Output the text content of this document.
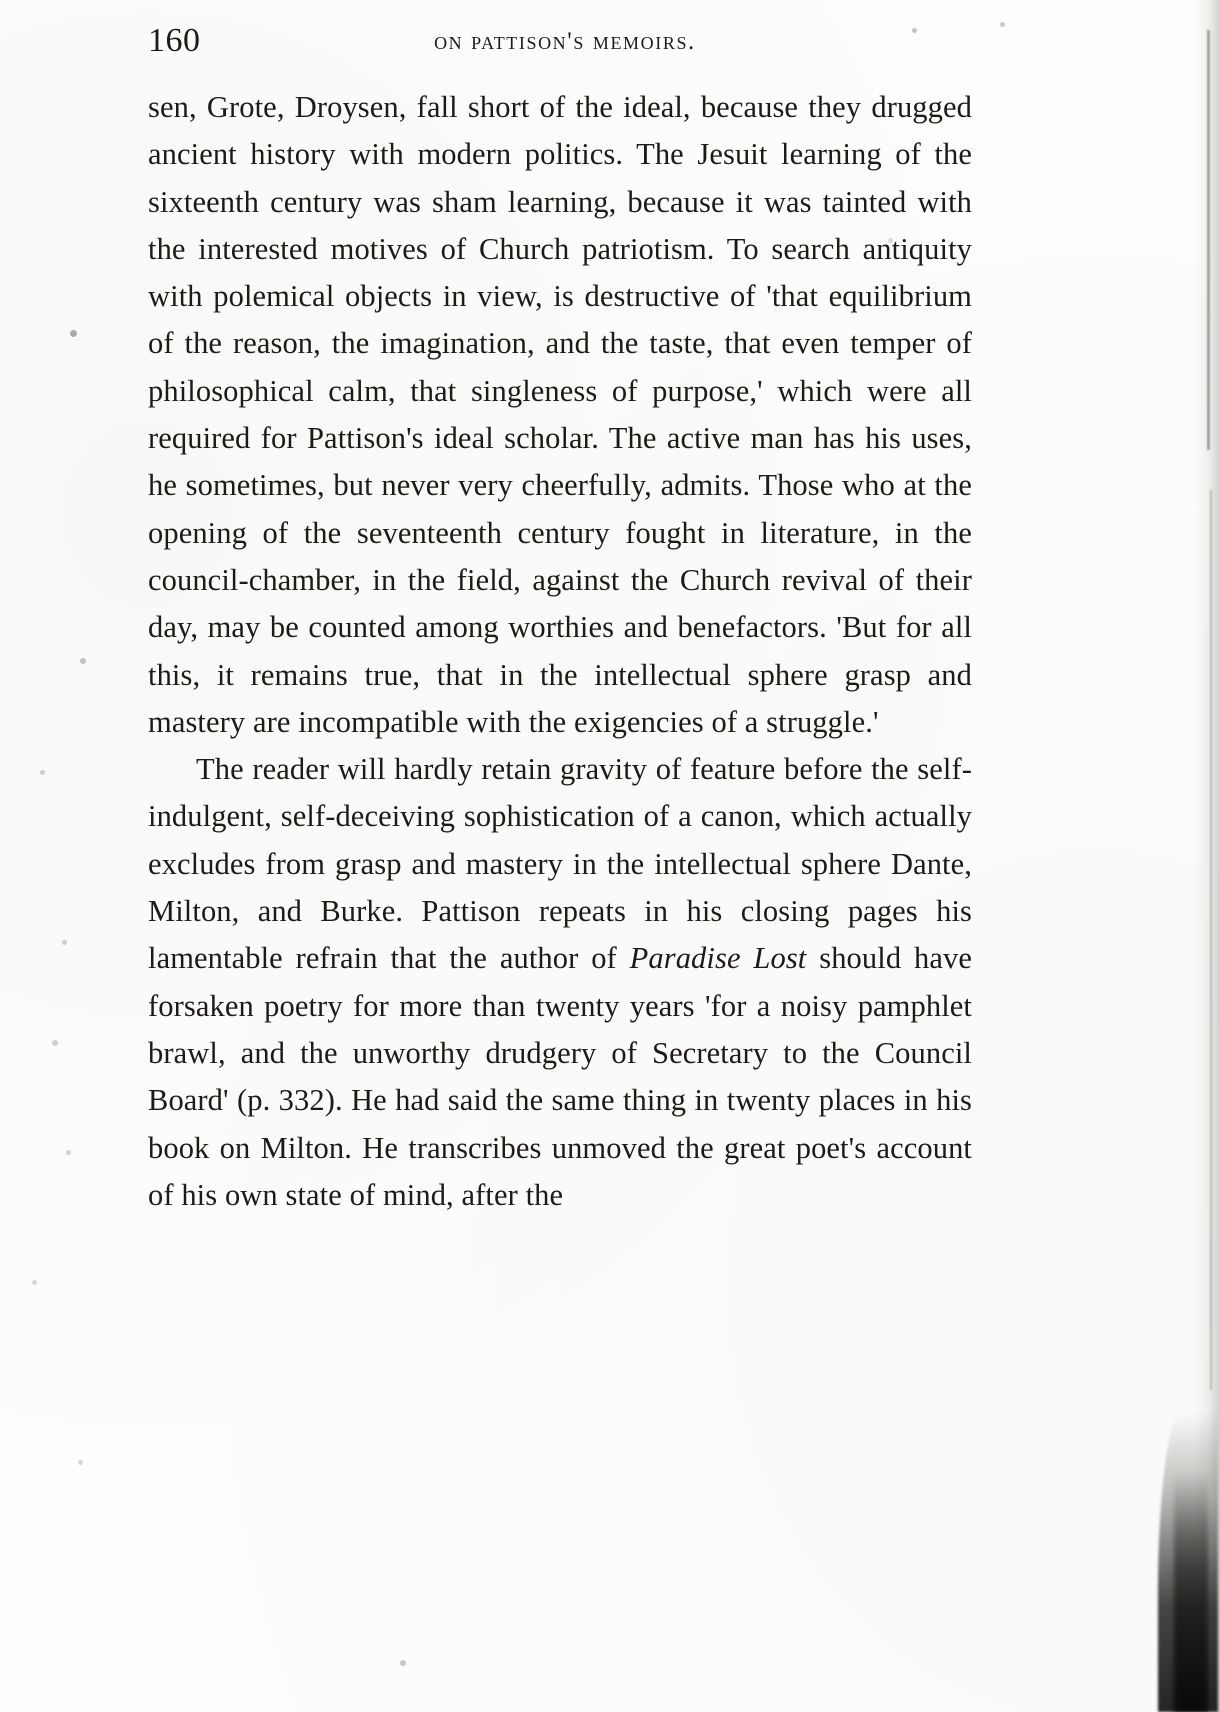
160	on pattison's memoirs.

sen, Grote, Droysen, fall short of the ideal, because they drugged ancient history with modern politics. The Jesuit learning of the sixteenth century was sham learning, because it was tainted with the interested motives of Church patriotism. To search antiquity with polemical objects in view, is destructive of 'that equilibrium of the reason, the imagination, and the taste, that even temper of philosophical calm, that singleness of purpose,' which were all required for Pattison's ideal scholar. The active man has his uses, he sometimes, but never very cheerfully, admits. Those who at the opening of the seventeenth century fought in literature, in the council-chamber, in the field, against the Church revival of their day, may be counted among worthies and benefactors. 'But for all this, it remains true, that in the intellectual sphere grasp and mastery are incompatible with the exigencies of a struggle.'

The reader will hardly retain gravity of feature before the self-indulgent, self-deceiving sophistication of a canon, which actually excludes from grasp and mastery in the intellectual sphere Dante, Milton, and Burke. Pattison repeats in his closing pages his lamentable refrain that the author of Paradise Lost should have forsaken poetry for more than twenty years 'for a noisy pamphlet brawl, and the unworthy drudgery of Secretary to the Council Board' (p. 332). He had said the same thing in twenty places in his book on Milton. He transcribes unmoved the great poet's account of his own state of mind, after the
